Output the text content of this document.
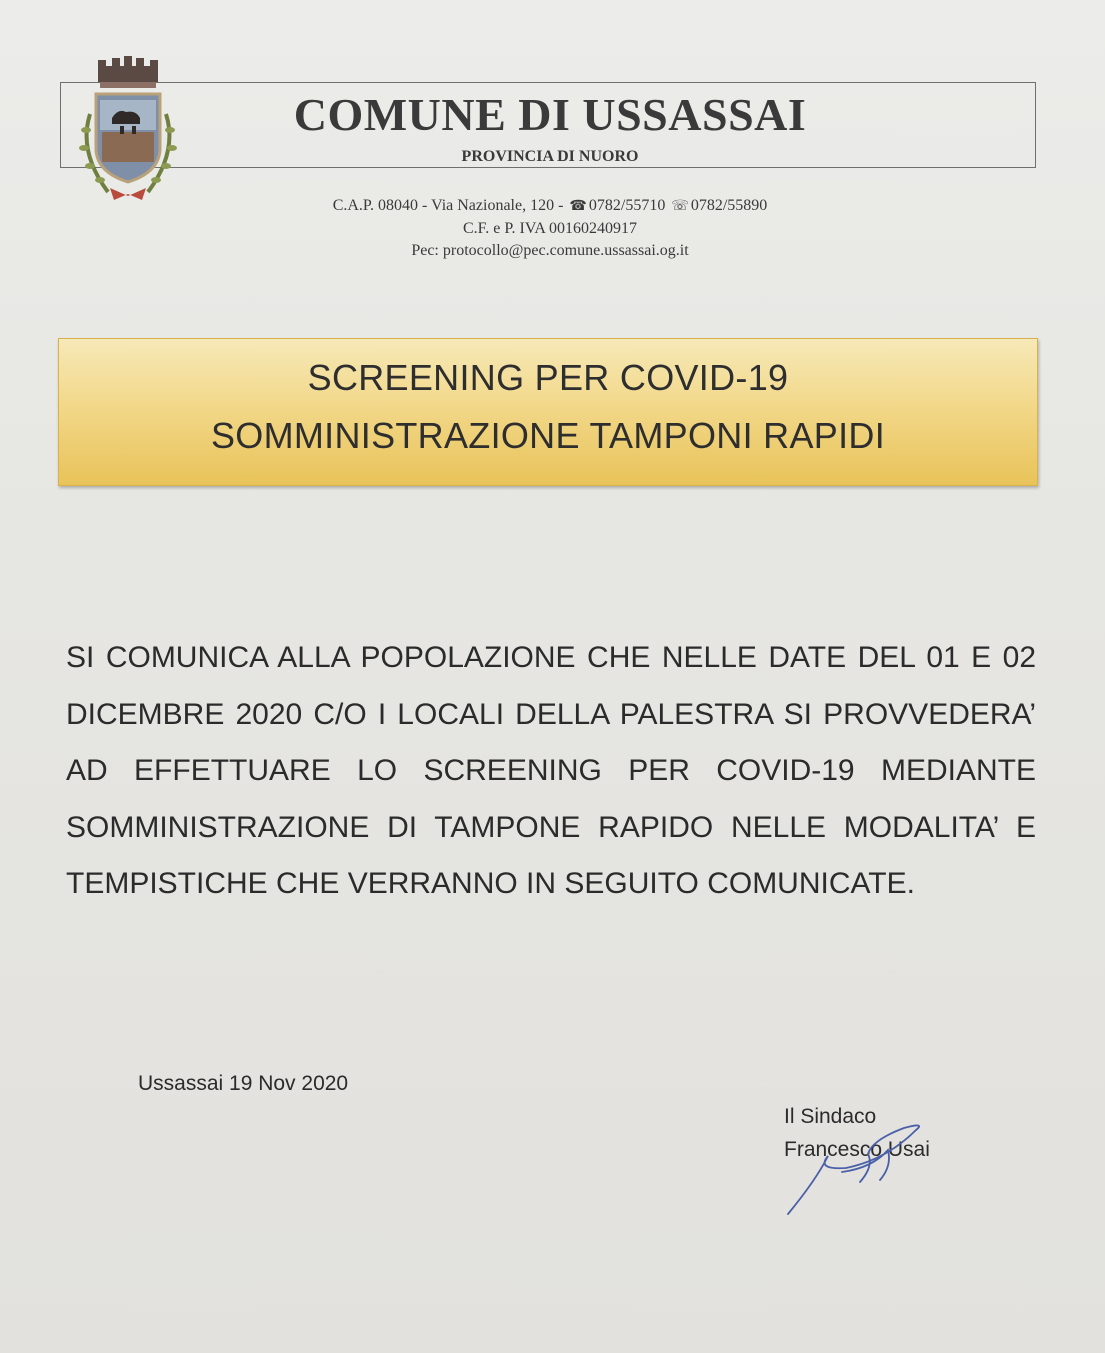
COMUNE DI USSASSAI
PROVINCIA DI NUORO
C.A.P. 08040 - Via Nazionale, 120 - ☎ 0782/55710 ☏ 0782/55890
C.F. e P. IVA 00160240917
Pec: protocollo@pec.comune.ussassai.og.it
SCREENING PER COVID-19
SOMMINISTRAZIONE TAMPONI RAPIDI

SI COMUNICA ALLA POPOLAZIONE CHE NELLE DATE DEL 01 E 02 DICEMBRE 2020 C/O I LOCALI DELLA PALESTRA SI PROVVEDERA’ AD EFFETTUARE LO SCREENING PER COVID-19 MEDIANTE SOMMINISTRAZIONE DI TAMPONE RAPIDO NELLE MODALITA’ E TEMPISTICHE CHE VERRANNO IN SEGUITO COMUNICATE.

Ussassai 19 Nov 2020
Il Sindaco
Francesco Usai
